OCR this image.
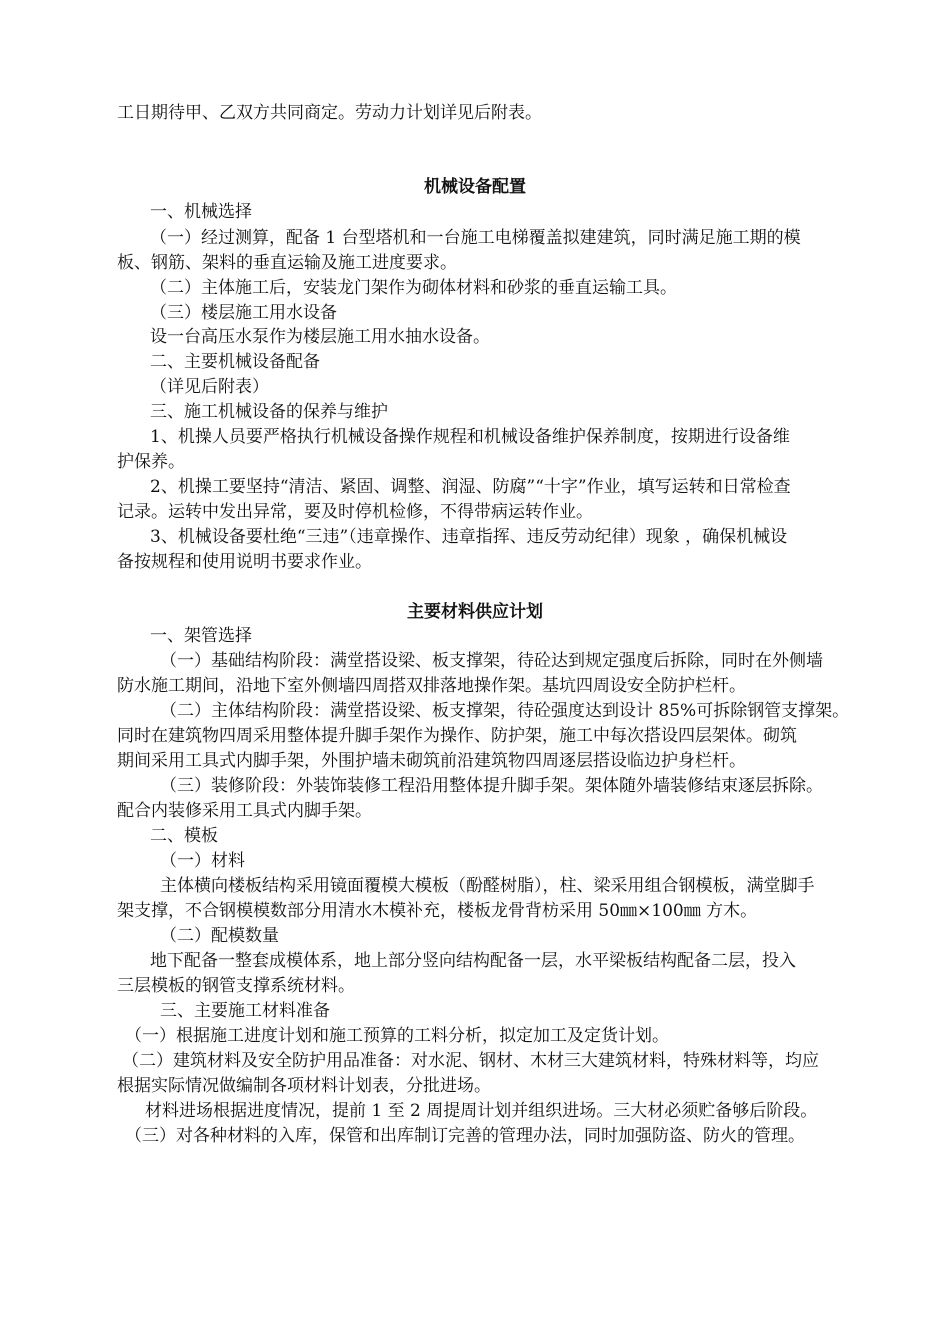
工日期待甲、乙双方共同商定。劳动力计划详见后附表。
机械设备配置
一、机械选择
（一）经过测算，配备 1 台型塔机和一台施工电梯覆盖拟建建筑，同时满足施工期的模
板、钢筋、架料的垂直运输及施工进度要求。
（二）主体施工后，安装龙门架作为砌体材料和砂浆的垂直运输工具。
（三）楼层施工用水设备
设一台高压水泵作为楼层施工用水抽水设备。
二、主要机械设备配备
（详见后附表）
三、施工机械设备的保养与维护
1、机操人员要严格执行机械设备操作规程和机械设备维护保养制度，按期进行设备维
护保养。
2、机操工要坚持“清洁、紧固、调整、润湿、防腐”“十字”作业，填写运转和日常检查
记录。运转中发出异常，要及时停机检修，不得带病运转作业。
3、机械设备要杜绝“三违”（违章操作、违章指挥、违反劳动纪律）现象 ，确保机械设
备按规程和使用说明书要求作业。
主要材料供应计划
一、架管选择
（一）基础结构阶段：满堂搭设梁、板支撑架，待砼达到规定强度后拆除，同时在外侧墙
防水施工期间，沿地下室外侧墙四周搭双排落地操作架。基坑四周设安全防护栏杆。
（二）主体结构阶段：满堂搭设梁、板支撑架，待砼强度达到设计 85%可拆除钢管支撑架。
同时在建筑物四周采用整体提升脚手架作为操作、防护架，施工中每次搭设四层架体。砌筑
期间采用工具式内脚手架，外围护墙未砌筑前沿建筑物四周逐层搭设临边护身栏杆。
（三）装修阶段：外装饰装修工程沿用整体提升脚手架。架体随外墙装修结束逐层拆除。
配合内装修采用工具式内脚手架。
二、模板
（一）材料
主体横向楼板结构采用镜面覆模大模板（酚醛树脂），柱、梁采用组合钢模板，满堂脚手
架支撑，不合钢模模数部分用清水木模补充，楼板龙骨背枋采用 50㎜×100㎜ 方木。
（二）配模数量
地下配备一整套成模体系，地上部分竖向结构配备一层，水平梁板结构配备二层，投入
三层模板的钢管支撑系统材料。
三、主要施工材料准备
（一）根据施工进度计划和施工预算的工料分析，拟定加工及定货计划。
（二）建筑材料及安全防护用品准备：对水泥、钢材、木材三大建筑材料，特殊材料等，均应
根据实际情况做编制各项材料计划表，分批进场。
材料进场根据进度情况，提前 1 至 2 周提周计划并组织进场。三大材必须贮备够后阶段。
（三）对各种材料的入库，保管和出库制订完善的管理办法，同时加强防盗、防火的管理。
